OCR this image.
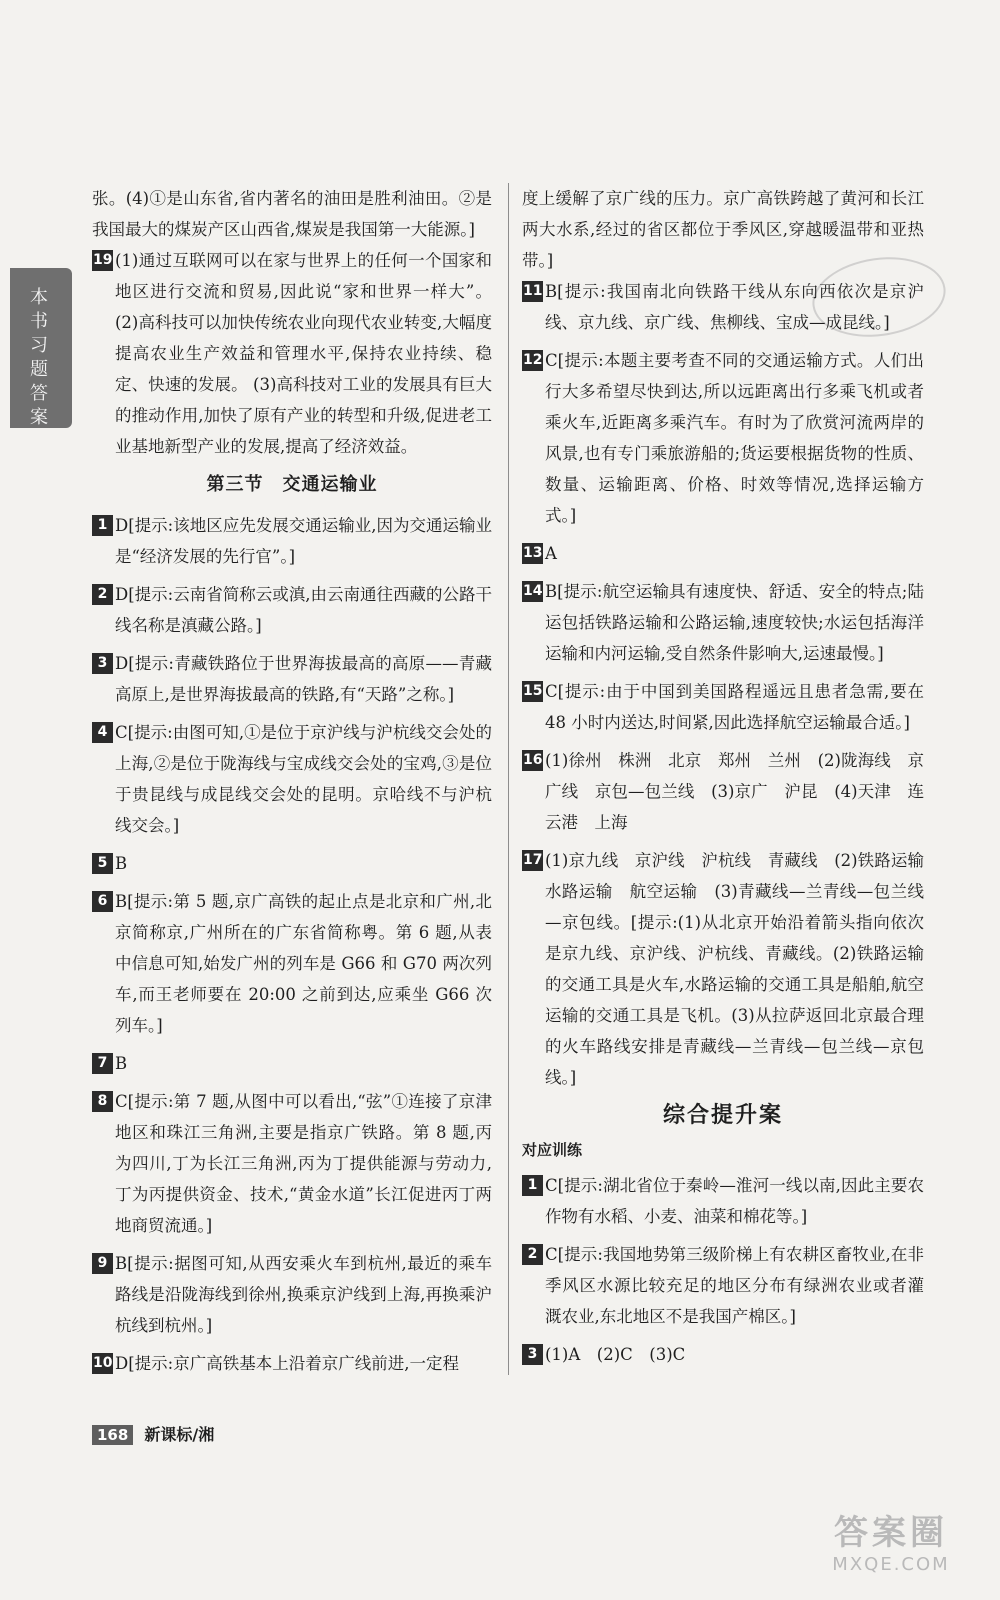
本书习题答案

张。(4)①是山东省,省内著名的油田是胜利油田。②是我国最大的煤炭产区山西省,煤炭是我国第一大能源。]

19 (1)通过互联网可以在家与世界上的任何一个国家和地区进行交流和贸易,因此说“家和世界一样大”。 (2)高科技可以加快传统农业向现代农业转变,大幅度提高农业生产效益和管理水平,保持农业持续、稳定、快速的发展。 (3)高科技对工业的发展具有巨大的推动作用,加快了原有产业的转型和升级,促进老工业基地新型产业的发展,提高了经济效益。
第三节　交通运输业
1 D[提示:该地区应先发展交通运输业,因为交通运输业是“经济发展的先行官”。]
2 D[提示:云南省简称云或滇,由云南通往西藏的公路干线名称是滇藏公路。]
3 D[提示:青藏铁路位于世界海拔最高的高原——青藏高原上,是世界海拔最高的铁路,有“天路”之称。]
4 C[提示:由图可知,①是位于京沪线与沪杭线交会处的上海,②是位于陇海线与宝成线交会处的宝鸡,③是位于贵昆线与成昆线交会处的昆明。京哈线不与沪杭线交会。]
5 B
6 B[提示:第 5 题,京广高铁的起止点是北京和广州,北京简称京,广州所在的广东省简称粤。第 6 题,从表中信息可知,始发广州的列车是 G66 和 G70 两次列车,而王老师要在 20:00 之前到达,应乘坐 G66 次列车。]
7 B
8 C[提示:第 7 题,从图中可以看出,“弦”①连接了京津地区和珠江三角洲,主要是指京广铁路。第 8 题,丙为四川,丁为长江三角洲,丙为丁提供能源与劳动力,丁为丙提供资金、技术,“黄金水道”长江促进丙丁两地商贸流通。]
9 B[提示:据图可知,从西安乘火车到杭州,最近的乘车路线是沿陇海线到徐州,换乘京沪线到上海,再换乘沪杭线到杭州。]
10 D[提示:京广高铁基本上沿着京广线前进,一定程

度上缓解了京广线的压力。京广高铁跨越了黄河和长江两大水系,经过的省区都位于季风区,穿越暖温带和亚热带。]

11 B[提示:我国南北向铁路干线从东向西依次是京沪线、京九线、京广线、焦柳线、宝成—成昆线。]
12 C[提示:本题主要考查不同的交通运输方式。人们出行大多希望尽快到达,所以远距离出行多乘飞机或者乘火车,近距离多乘汽车。有时为了欣赏河流两岸的风景,也有专门乘旅游船的;货运要根据货物的性质、数量、运输距离、价格、时效等情况,选择运输方式。]
13 A
14 B[提示:航空运输具有速度快、舒适、安全的特点;陆运包括铁路运输和公路运输,速度较快;水运包括海洋运输和内河运输,受自然条件影响大,运速最慢。]
15 C[提示:由于中国到美国路程遥远且患者急需,要在 48 小时内送达,时间紧,因此选择航空运输最合适。]
16 (1)徐州　株洲　北京　郑州　兰州　(2)陇海线　京广线　京包—包兰线　(3)京广　沪昆　(4)天津　连云港　上海
17 (1)京九线　京沪线　沪杭线　青藏线　(2)铁路运输　水路运输　航空运输　(3)青藏线—兰青线—包兰线—京包线。[提示:(1)从北京开始沿着箭头指向依次是京九线、京沪线、沪杭线、青藏线。(2)铁路运输的交通工具是火车,水路运输的交通工具是船舶,航空运输的交通工具是飞机。(3)从拉萨返回北京最合理的火车路线安排是青藏线—兰青线—包兰线—京包线。]
综合提升案
对应训练
1 C[提示:湖北省位于秦岭—淮河一线以南,因此主要农作物有水稻、小麦、油菜和棉花等。]
2 C[提示:我国地势第三级阶梯上有农耕区畜牧业,在非季风区水源比较充足的地区分布有绿洲农业或者灌溉农业,东北地区不是我国产棉区。]
3 (1)A　(2)C　(3)C
168 新课标/湘
答案圈
MXQE.COM
